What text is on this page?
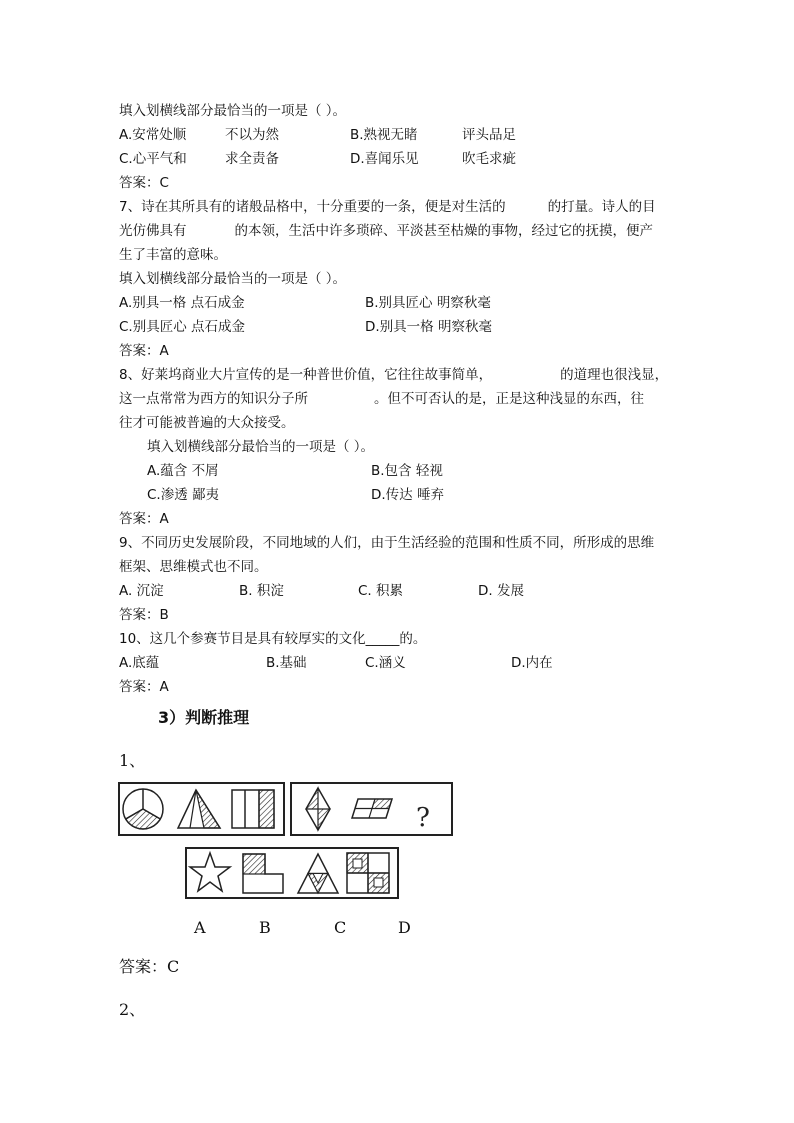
填入划横线部分最恰当的一项是（ ）。
A.安常处顺	不以为然	B.熟视无睹	评头品足
C.心平气和	求全责备	D.喜闻乐见	吹毛求疵
答案：C
7、诗在其所具有的诸般品格中，十分重要的一条，便是对生活的	的打量。诗人的目
光仿佛具有	的本领，生活中许多琐碎、平淡甚至枯燥的事物，经过它的抚摸，便产
生了丰富的意味。
填入划横线部分最恰当的一项是（ ）。
A.别具一格 点石成金	B.别具匠心 明察秋毫
C.别具匠心 点石成金	D.别具一格 明察秋毫
答案：A
8、好莱坞商业大片宣传的是一种普世价值，它往往故事简单，	的道理也很浅显，
这一点常常为西方的知识分子所	。但不可否认的是，正是这种浅显的东西，往
往才可能被普遍的大众接受。
填入划横线部分最恰当的一项是（ ）。
A.蕴含 不屑	B.包含 轻视
C.渗透 鄙夷	D.传达 唾弃
答案：A
9、不同历史发展阶段，不同地域的人们，由于生活经验的范围和性质不同，所形成的思维
框架、思维模式也不同。
A. 沉淀	B. 积淀	C. 积累	D. 发展
答案：B
10、这几个参赛节目是具有较厚实的文化_____的。
A.底蕴	B.基础	C.涵义	D.内在
答案：A
3）判断推理
1、
?
A	B	C	D
答案：C
2、
